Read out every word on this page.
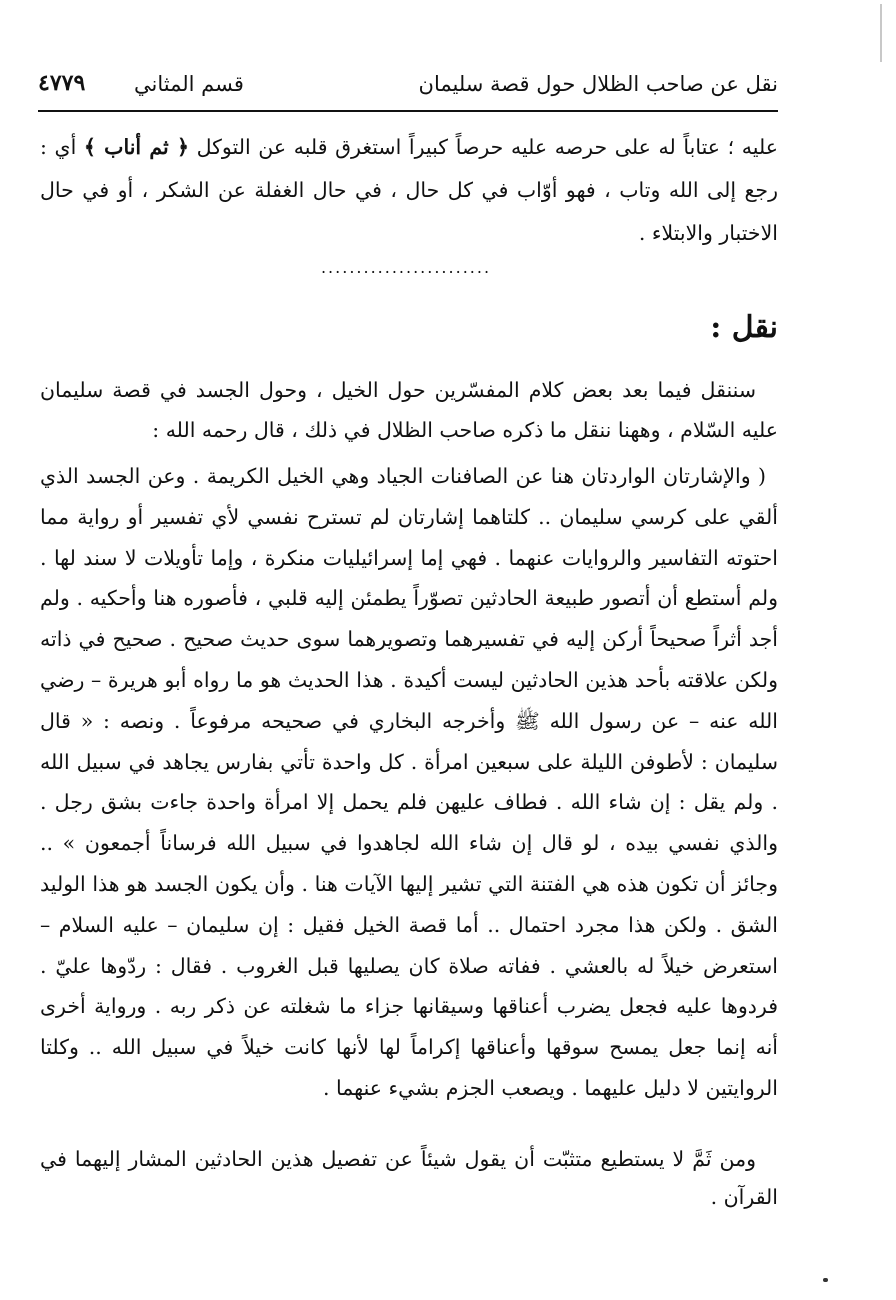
نقل عن صاحب الظلال حول قصة سليمان
قسم المثاني
٤٧٧٩
عليه ؛ عتاباً له على حرصه عليه حرصاً كبيراً استغرق قلبه عن التوكل ﴿ ثم أناب ﴾ أي : رجع إلى الله وتاب ، فهو أوّاب في كل حال ، في حال الغفلة عن الشكر ، أو في حال الاختبار والابتلاء .
........................
نقل :
سننقل فيما بعد بعض كلام المفسّرين حول الخيل ، وحول الجسد في قصة سليمان عليه السّلام ، وههنا ننقل ما ذكره صاحب الظلال في ذلك ، قال رحمه الله :
( والإشارتان الواردتان هنا عن الصافنات الجياد وهي الخيل الكريمة . وعن الجسد الذي ألقي على كرسي سليمان .. كلتاهما إشارتان لم تسترح نفسي لأي تفسير أو رواية مما احتوته التفاسير والروايات عنهما . فهي إما إسرائيليات منكرة ، وإما تأويلات لا سند لها . ولم أستطع أن أتصور طبيعة الحادثين تصوّراً يطمئن إليه قلبي ، فأصوره هنا وأحكيه . ولم أجد أثراً صحيحاً أركن إليه في تفسيرهما وتصويرهما سوى حديث صحيح . صحيح في ذاته ولكن علاقته بأحد هذين الحادثين ليست أكيدة . هذا الحديث هو ما رواه أبو هريرة – رضي الله عنه – عن رسول الله ﷺ وأخرجه البخاري في صحيحه مرفوعاً . ونصه : « قال سليمان : لأطوفن الليلة على سبعين امرأة . كل واحدة تأتي بفارس يجاهد في سبيل الله . ولم يقل : إن شاء الله . فطاف عليهن فلم يحمل إلا امرأة واحدة جاءت بشق رجل . والذي نفسي بيده ، لو قال إن شاء الله لجاهدوا في سبيل الله فرساناً أجمعون » .. وجائز أن تكون هذه هي الفتنة التي تشير إليها الآيات هنا . وأن يكون الجسد هو هذا الوليد الشق . ولكن هذا مجرد احتمال .. أما قصة الخيل فقيل : إن سليمان – عليه السلام – استعرض خيلاً له بالعشي . ففاته صلاة كان يصليها قبل الغروب . فقال : ردّوها عليّ . فردوها عليه فجعل يضرب أعناقها وسيقانها جزاء ما شغلته عن ذكر ربه . ورواية أخرى أنه إنما جعل يمسح سوقها وأعناقها إكراماً لها لأنها كانت خيلاً في سبيل الله .. وكلتا الروايتين لا دليل عليهما . ويصعب الجزم بشيء عنهما .
ومن ثَمَّ لا يستطيع متثبّت أن يقول شيئاً عن تفصيل هذين الحادثين المشار إليهما في القرآن .
